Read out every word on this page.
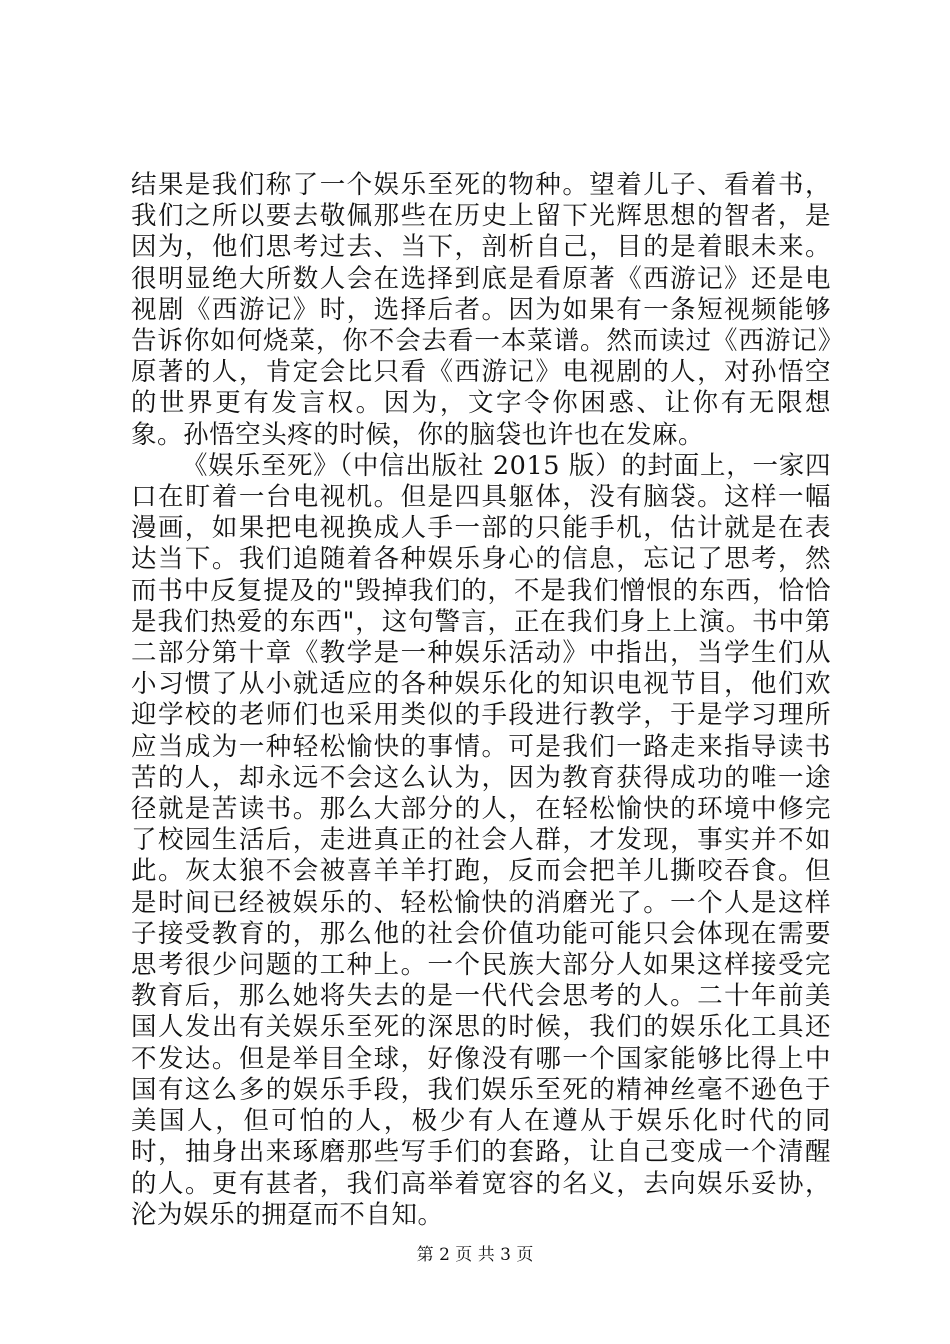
结果是我们称了一个娱乐至死的物种。望着儿子、看着书，我们之所以要去敬佩那些在历史上留下光辉思想的智者，是因为，他们思考过去、当下，剖析自己，目的是着眼未来。很明显绝大所数人会在选择到底是看原著《西游记》还是电视剧《西游记》时，选择后者。因为如果有一条短视频能够告诉你如何烧菜，你不会去看一本菜谱。然而读过《西游记》原著的人，肯定会比只看《西游记》电视剧的人，对孙悟空的世界更有发言权。因为，文字令你困惑、让你有无限想象。孙悟空头疼的时候，你的脑袋也许也在发麻。

《娱乐至死》（中信出版社 2015 版）的封面上，一家四口在盯着一台电视机。但是四具躯体，没有脑袋。这样一幅漫画，如果把电视换成人手一部的只能手机，估计就是在表达当下。我们追随着各种娱乐身心的信息，忘记了思考，然而书中反复提及的"毁掉我们的，不是我们憎恨的东西，恰恰是我们热爱的东西"，这句警言，正在我们身上上演。书中第二部分第十章《教学是一种娱乐活动》中指出，当学生们从小习惯了从小就适应的各种娱乐化的知识电视节目，他们欢迎学校的老师们也采用类似的手段进行教学，于是学习理所应当成为一种轻松愉快的事情。可是我们一路走来指导读书苦的人，却永远不会这么认为，因为教育获得成功的唯一途径就是苦读书。那么大部分的人，在轻松愉快的环境中修完了校园生活后，走进真正的社会人群，才发现，事实并不如此。灰太狼不会被喜羊羊打跑，反而会把羊儿撕咬吞食。但是时间已经被娱乐的、轻松愉快的消磨光了。一个人是这样子接受教育的，那么他的社会价值功能可能只会体现在需要思考很少问题的工种上。一个民族大部分人如果这样接受完教育后，那么她将失去的是一代代会思考的人。二十年前美国人发出有关娱乐至死的深思的时候，我们的娱乐化工具还不发达。但是举目全球，好像没有哪一个国家能够比得上中国有这么多的娱乐手段，我们娱乐至死的精神丝毫不逊色于美国人，但可怕的人，极少有人在遵从于娱乐化时代的同时，抽身出来琢磨那些写手们的套路，让自己变成一个清醒的人。更有甚者，我们高举着宽容的名义，去向娱乐妥协，沦为娱乐的拥趸而不自知。

第 2 页 共 3 页
